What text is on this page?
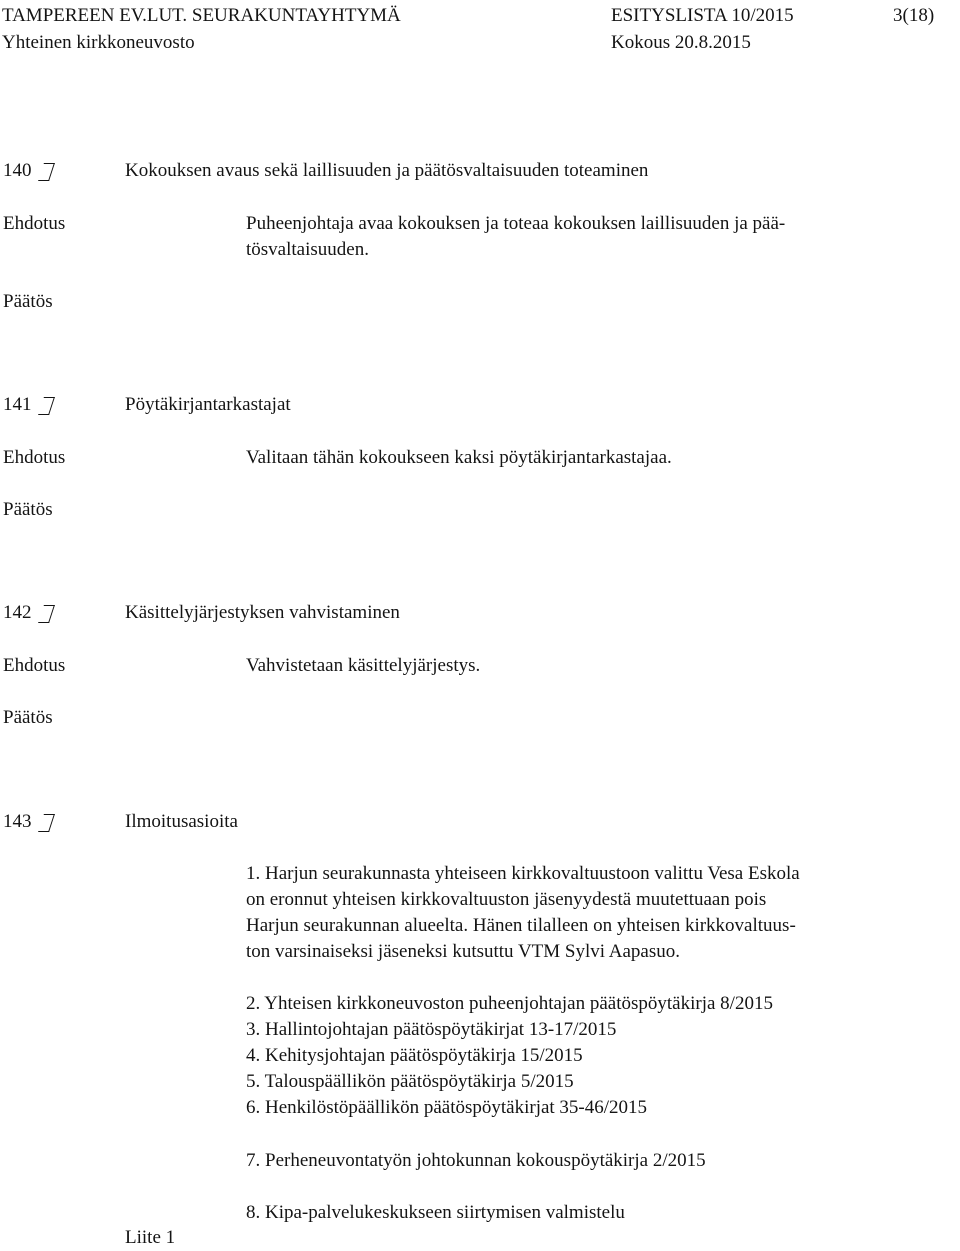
TAMPEREEN EV.LUT. SEURAKUNTAYHTYMÄ	ESITYSLISTA 10/2015	3(18)
Yhteinen kirkkoneuvosto	Kokous 20.8.2015
140	Kokouksen avaus sekä laillisuuden ja päätösvaltaisuuden toteaminen
Ehdotus	Puheenjohtaja avaa kokouksen ja toteaa kokouksen laillisuuden ja pää-
tösvaltaisuuden.
Päätös
141	Pöytäkirjantarkastajat
Ehdotus	Valitaan tähän kokoukseen kaksi pöytäkirjantarkastajaa.
Päätös
142	Käsittelyjärjestyksen vahvistaminen
Ehdotus	Vahvistetaan käsittelyjärjestys.
Päätös
143	Ilmoitusasioita
1. Harjun seurakunnasta yhteiseen kirkkovaltuustoon valittu Vesa Eskola
on eronnut yhteisen kirkkovaltuuston jäsenyydestä muutettuaan pois
Harjun seurakunnan alueelta. Hänen tilalleen on yhteisen kirkkovaltuus-
ton varsinaiseksi jäseneksi kutsuttu VTM Sylvi Aapasuo.
2. Yhteisen kirkkoneuvoston puheenjohtajan päätöspöytäkirja 8/2015
3. Hallintojohtajan päätöspöytäkirjat 13-17/2015
4. Kehitysjohtajan päätöspöytäkirja 15/2015
5. Talouspäällikön päätöspöytäkirja 5/2015
6. Henkilöstöpäällikön päätöspöytäkirjat 35-46/2015
7. Perheneuvontatyön johtokunnan kokouspöytäkirja 2/2015
8. Kipa-palvelukeskukseen siirtymisen valmistelu
Liite 1
